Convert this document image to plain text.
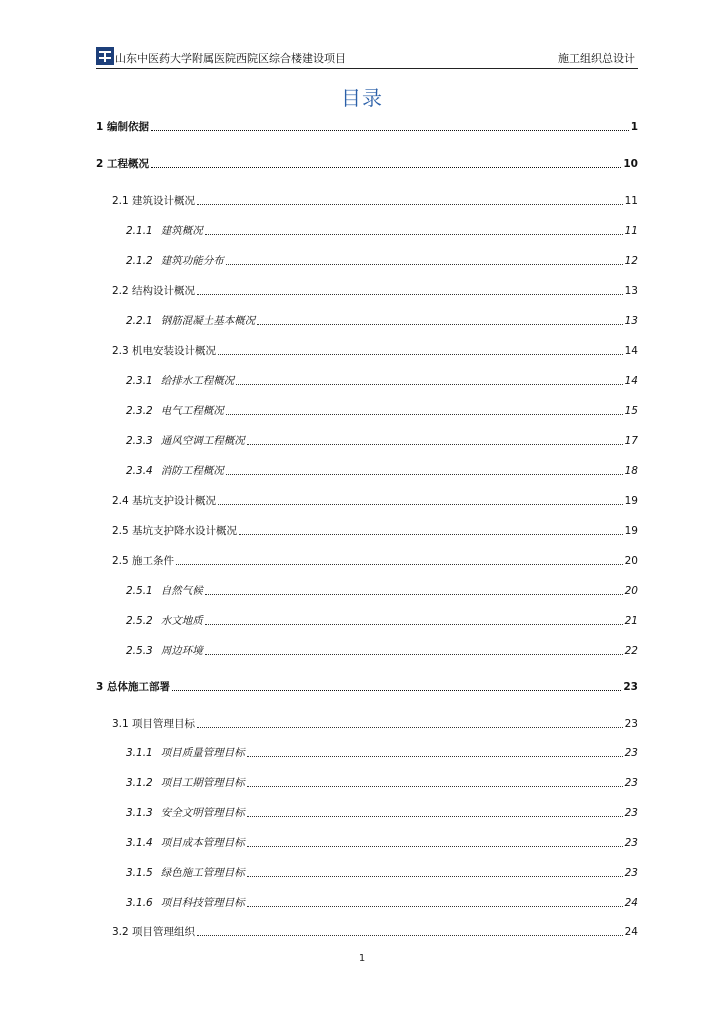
山东中医药大学附属医院西院区综合楼建设项目	施工组织总设计
目录
1 编制依据	1
2 工程概况	10
2.1 建筑设计概况	11
2.1.1 建筑概况	11
2.1.2 建筑功能分布	12
2.2 结构设计概况	13
2.2.1 钢筋混凝土基本概况	13
2.3 机电安装设计概况	14
2.3.1 给排水工程概况	14
2.3.2 电气工程概况	15
2.3.3 通风空调工程概况	17
2.3.4 消防工程概况	18
2.4 基坑支护设计概况	19
2.5 基坑支护降水设计概况	19
2.5 施工条件	20
2.5.1 自然气候	20
2.5.2 水文地质	21
2.5.3 周边环境	22
3 总体施工部署	23
3.1 项目管理目标	23
3.1.1 项目质量管理目标	23
3.1.2 项目工期管理目标	23
3.1.3 安全文明管理目标	23
3.1.4 项目成本管理目标	23
3.1.5 绿色施工管理目标	23
3.1.6 项目科技管理目标	24
3.2 项目管理组织	24
1
